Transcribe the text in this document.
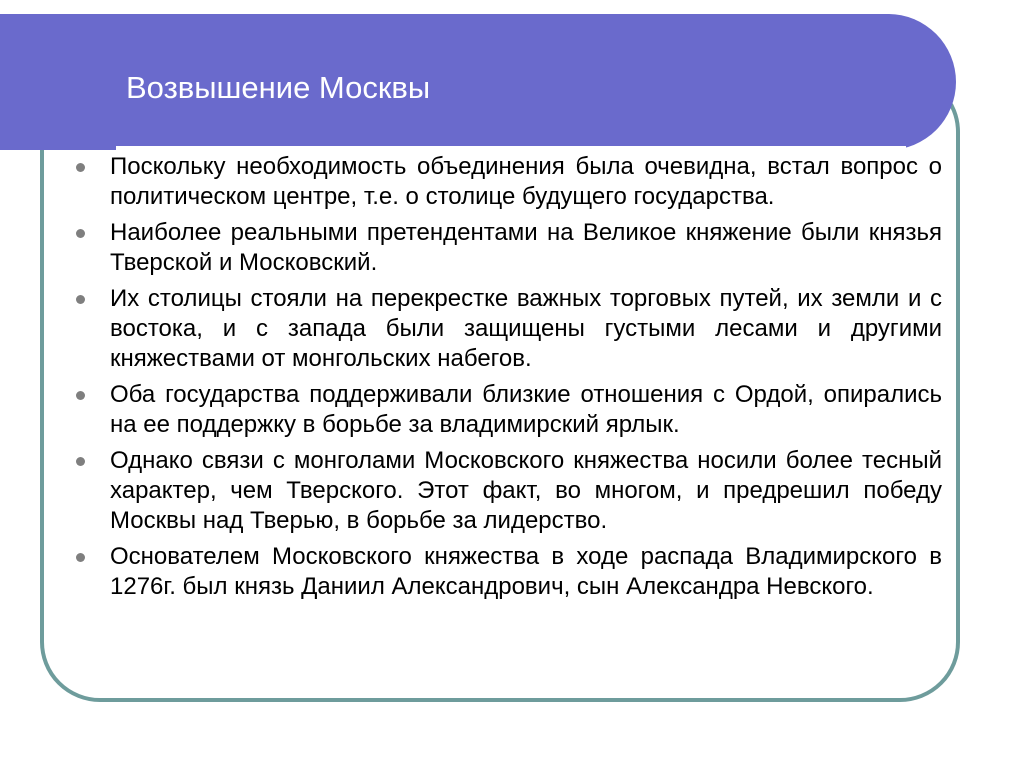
Возвышение Москвы
Поскольку необходимость объединения была очевидна, встал вопрос о политическом центре, т.е. о столице будущего государства.
Наиболее реальными претендентами на Великое княжение были князья Тверской и Московский.
Их столицы стояли на перекрестке важных торговых путей, их земли и с востока, и с запада были защищены густыми лесами и другими княжествами от монгольских набегов.
Оба государства поддерживали близкие отношения с Ордой, опирались на ее поддержку в борьбе за владимирский ярлык.
Однако связи с монголами Московского княжества носили более тесный характер, чем Тверского. Этот факт, во многом, и предрешил победу Москвы над Тверью, в борьбе за лидерство.
Основателем Московского княжества в ходе распада Владимирского в 1276г. был князь Даниил Александрович, сын Александра Невского.
